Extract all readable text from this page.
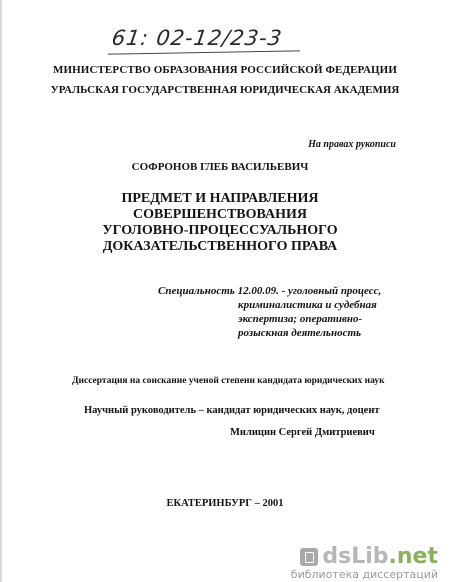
61: 02-12/23-3
МИНИСТЕРСТВО ОБРАЗОВАНИЯ РОССИЙСКОЙ ФЕДЕРАЦИИ
УРАЛЬСКАЯ ГОСУДАРСТВЕННАЯ ЮРИДИЧЕСКАЯ АКАДЕМИЯ
На правах рукописи
СОФРОНОВ ГЛЕБ ВАСИЛЬЕВИЧ
ПРЕДМЕТ И НАПРАВЛЕНИЯ
СОВЕРШЕНСТВОВАНИЯ
УГОЛОВНО-ПРОЦЕССУАЛЬНОГО
ДОКАЗАТЕЛЬСТВЕННОГО ПРАВА
Специальность 12.00.09. - уголовный процесс,
криминалистика и судебная
экспертиза; оперативно-
розыскная деятельность
Диссертация на соискание ученой степени кандидата юридических наук
Научный руководитель – кандидат юридических наук, доцент
Милицин Сергей Дмитриевич
ЕКАТЕРИНБУРГ – 2001
dsLib.net
библиотека диссертаций
